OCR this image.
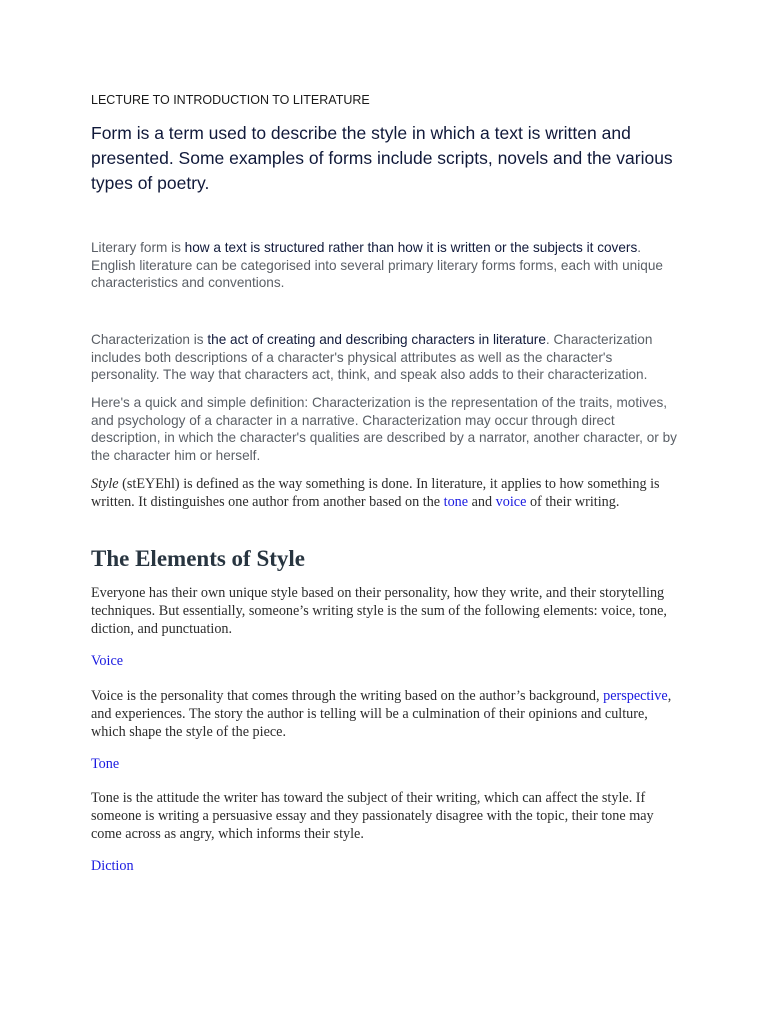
LECTURE TO INTRODUCTION TO LITERATURE

Form is a term used to describe the style in which a text is written and presented. Some examples of forms include scripts, novels and the various types of poetry.

Literary form is how a text is structured rather than how it is written or the subjects it covers. English literature can be categorised into several primary literary forms forms, each with unique characteristics and conventions.

Characterization is the act of creating and describing characters in literature. Characterization includes both descriptions of a character's physical attributes as well as the character's personality. The way that characters act, think, and speak also adds to their characterization.

Here's a quick and simple definition: Characterization is the representation of the traits, motives, and psychology of a character in a narrative. Characterization may occur through direct description, in which the character's qualities are described by a narrator, another character, or by the character him or herself.

Style (stEYEhl) is defined as the way something is done. In literature, it applies to how something is written. It distinguishes one author from another based on the tone and voice of their writing.

The Elements of Style

Everyone has their own unique style based on their personality, how they write, and their storytelling techniques. But essentially, someone’s writing style is the sum of the following elements: voice, tone, diction, and punctuation.

Voice

Voice is the personality that comes through the writing based on the author’s background, perspective, and experiences. The story the author is telling will be a culmination of their opinions and culture, which shape the style of the piece.

Tone

Tone is the attitude the writer has toward the subject of their writing, which can affect the style. If someone is writing a persuasive essay and they passionately disagree with the topic, their tone may come across as angry, which informs their style.

Diction
